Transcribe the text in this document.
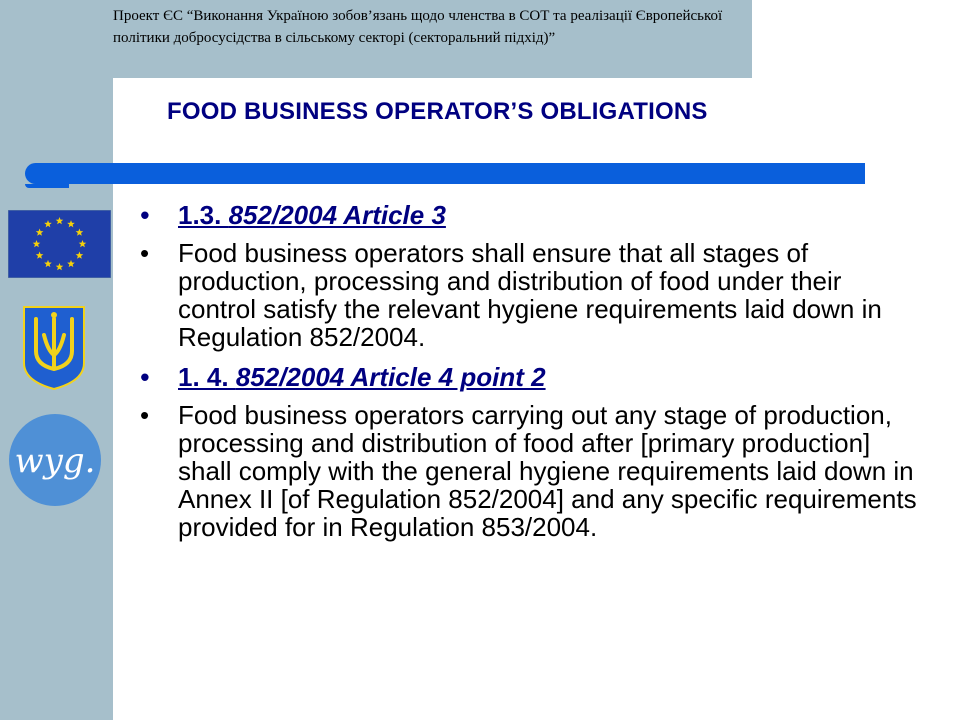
Проект ЄС “Виконання Україною зобов’язань щодо членства в СОТ та реалізації Європейської політики добросусідства в сільському секторі (секторальний підхід)”
FOOD BUSINESS OPERATOR’S OBLIGATIONS
wyg.
• 1.3. 852/2004 Article 3
• Food business operators shall ensure that all stages of production, processing and distribution of food under their control satisfy the relevant hygiene requirements laid down in Regulation 852/2004.
• 1. 4. 852/2004 Article 4 point 2
• Food business operators carrying out any stage of production, processing and distribution of food after [primary production] shall comply with the general hygiene requirements laid down in Annex II [of Regulation 852/2004] and any specific requirements provided for in Regulation 853/2004.
